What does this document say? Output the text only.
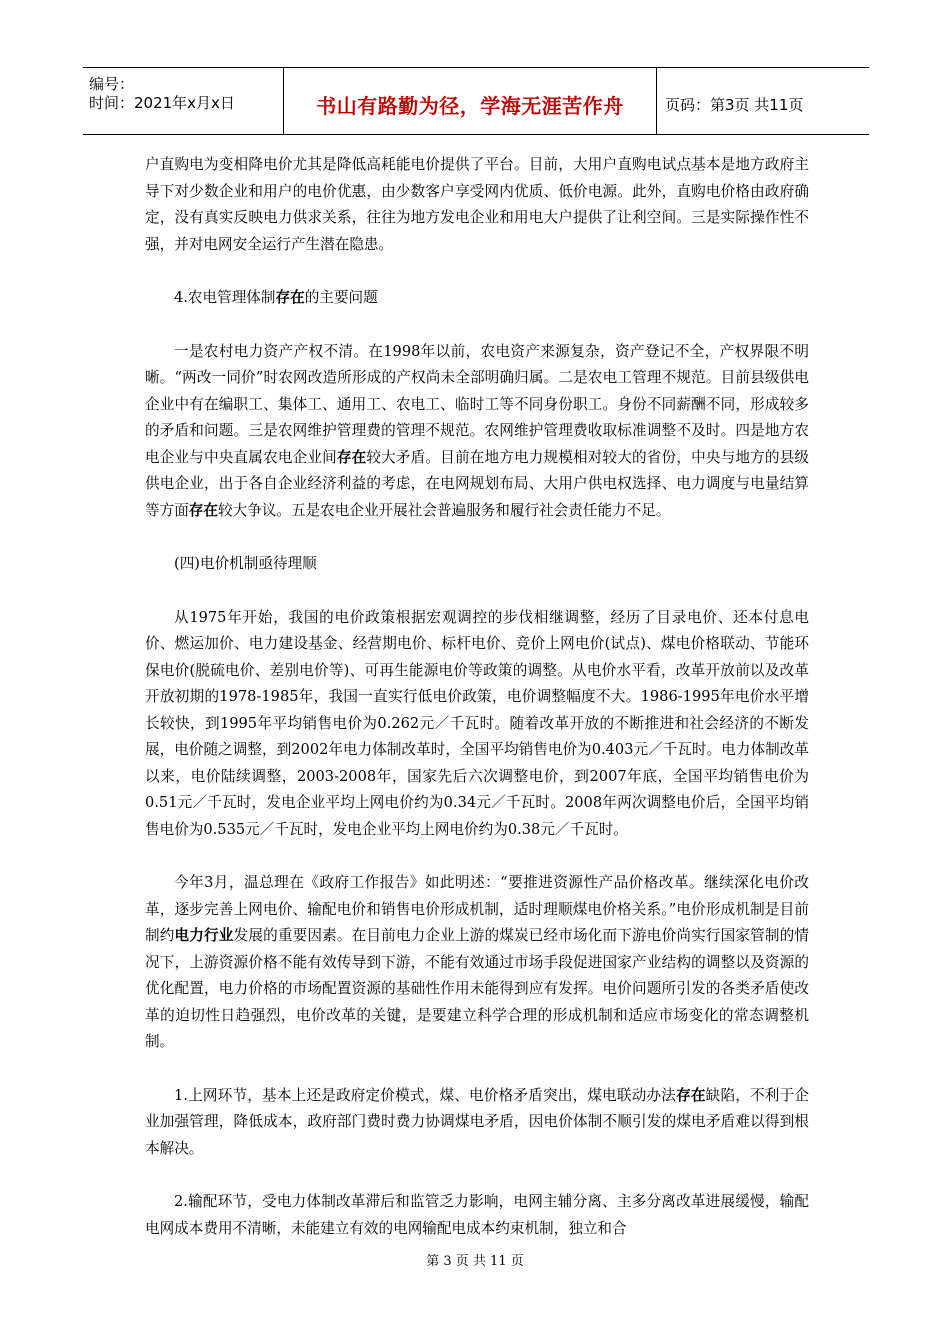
编号：
时间：2021年x月x日	书山有路勤为径，学海无涯苦作舟	页码：第3页 共11页

户直购电为变相降电价尤其是降低高耗能电价提供了平台。目前，大用户直购电试点基本是地方政府主导下对少数企业和用户的电价优惠，由少数客户享受网内优质、低价电源。此外，直购电价格由政府确定，没有真实反映电力供求关系，往往为地方发电企业和用电大户提供了让利空间。三是实际操作性不强，并对电网安全运行产生潜在隐患。

4.农电管理体制存在的主要问题

一是农村电力资产产权不清。在1998年以前，农电资产来源复杂，资产登记不全，产权界限不明晰。“两改一同价”时农网改造所形成的产权尚未全部明确归属。二是农电工管理不规范。目前县级供电企业中有在编职工、集体工、通用工、农电工、临时工等不同身份职工。身份不同薪酬不同，形成较多的矛盾和问题。三是农网维护管理费的管理不规范。农网维护管理费收取标准调整不及时。四是地方农电企业与中央直属农电企业间存在较大矛盾。目前在地方电力规模相对较大的省份，中央与地方的县级供电企业，出于各自企业经济利益的考虑，在电网规划布局、大用户供电权选择、电力调度与电量结算等方面存在较大争议。五是农电企业开展社会普遍服务和履行社会责任能力不足。

(四)电价机制亟待理顺

从1975年开始，我国的电价政策根据宏观调控的步伐相继调整，经历了目录电价、还本付息电价、燃运加价、电力建设基金、经营期电价、标杆电价、竞价上网电价(试点)、煤电价格联动、节能环保电价(脱硫电价、差别电价等)、可再生能源电价等政策的调整。从电价水平看，改革开放前以及改革开放初期的1978-1985年，我国一直实行低电价政策，电价调整幅度不大。1986-1995年电价水平增长较快，到1995年平均销售电价为0.262元／千瓦时。随着改革开放的不断推进和社会经济的不断发展，电价随之调整，到2002年电力体制改革时，全国平均销售电价为0.403元／千瓦时。电力体制改革以来，电价陆续调整，2003-2008年，国家先后六次调整电价，到2007年底，全国平均销售电价为0.51元／千瓦时，发电企业平均上网电价约为0.34元／千瓦时。2008年两次调整电价后，全国平均销售电价为0.535元／千瓦时，发电企业平均上网电价约为0.38元／千瓦时。

今年3月，温总理在《政府工作报告》如此明述：“要推进资源性产品价格改革。继续深化电价改革，逐步完善上网电价、输配电价和销售电价形成机制，适时理顺煤电价格关系。”电价形成机制是目前制约电力行业发展的重要因素。在目前电力企业上游的煤炭已经市场化而下游电价尚实行国家管制的情况下，上游资源价格不能有效传导到下游，不能有效通过市场手段促进国家产业结构的调整以及资源的优化配置，电力价格的市场配置资源的基础性作用未能得到应有发挥。电价问题所引发的各类矛盾使改革的迫切性日趋强烈，电价改革的关键，是要建立科学合理的形成机制和适应市场变化的常态调整机制。

1.上网环节，基本上还是政府定价模式，煤、电价格矛盾突出，煤电联动办法存在缺陷，不利于企业加强管理，降低成本，政府部门费时费力协调煤电矛盾，因电价体制不顺引发的煤电矛盾难以得到根本解决。

2.输配环节，受电力体制改革滞后和监管乏力影响，电网主辅分离、主多分离改革进展缓慢，输配电网成本费用不清晰，未能建立有效的电网输配电成本约束机制，独立和合

第 3 页 共 11 页
